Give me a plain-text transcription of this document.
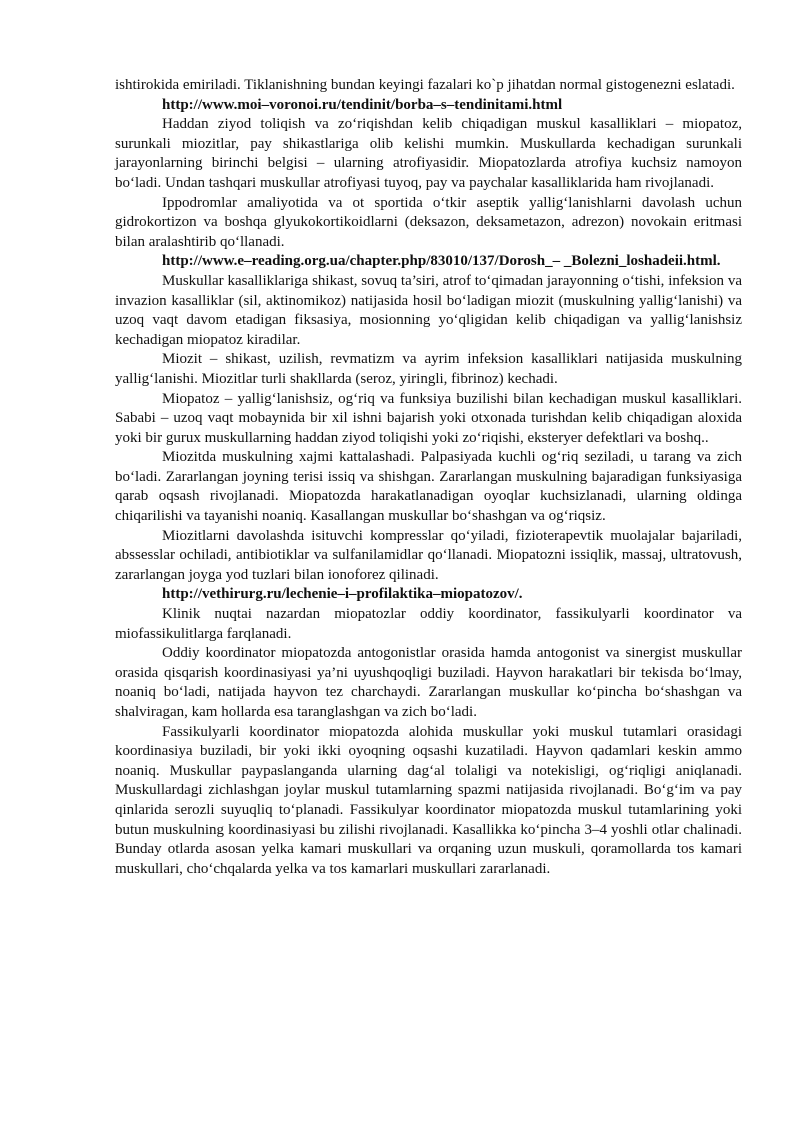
ishtirokida emiriladi. Tiklanishning bundan keyingi fazalari ko`p jihatdan normal gistogenezni eslatadi.

http://www.moi–voronoi.ru/tendinit/borba–s–tendinitami.html

Haddan ziyod toliqish va zo‘riqishdan kelib chiqadigan muskul kasalliklari – miopatoz, surunkali miozitlar, pay shikastlariga olib kelishi mumkin. Muskullarda kechadigan surunkali jarayonlarning birinchi belgisi – ularning atrofiyasidir. Miopatozlarda atrofiya kuchsiz namoyon bo‘ladi. Undan tashqari muskullar atrofiyasi tuyoq, pay va paychalar kasalliklarida ham rivojlanadi.

Ippodromlar amaliyotida va ot sportida o‘tkir aseptik yallig‘lanishlarni davolash uchun gidrokortizon va boshqa glyukokortikoidlarni (deksazon, deksametazon, adrezon) novokain eritmasi bilan aralashtirib qo‘llanadi.

http://www.e–reading.org.ua/chapter.php/83010/137/Dorosh_– _Bolezni_loshadeii.html.

Muskullar kasalliklariga shikast, sovuq ta’siri, atrof to‘qimadan jarayonning o‘tishi, infeksion va invazion kasalliklar (sil, aktinomikoz) natijasida hosil bo‘ladigan miozit (muskulning yallig‘lanishi) va uzoq vaqt davom etadigan fiksasiya, mosionning yo‘qligidan kelib chiqadigan va yallig‘lanishsiz kechadigan miopatoz kiradilar.

Miozit – shikast, uzilish, revmatizm va ayrim infeksion kasalliklari natijasida muskulning yallig‘lanishi. Miozitlar turli shakllarda (seroz, yiringli, fibrinoz) kechadi.

Miopatoz – yallig‘lanishsiz, og‘riq va funksiya buzilishi bilan kechadigan muskul kasalliklari. Sababi – uzoq vaqt mobaynida bir xil ishni bajarish yoki otxonada turishdan kelib chiqadigan aloxida yoki bir gurux muskullarning haddan ziyod toliqishi yoki zo‘riqishi, eksteryer defektlari va boshq..

Miozitda muskulning xajmi kattalashadi. Palpasiyada kuchli og‘riq seziladi, u tarang va zich bo‘ladi. Zararlangan joyning terisi issiq va shishgan. Zararlangan muskulning bajaradigan funksiyasiga qarab oqsash rivojlanadi. Miopatozda harakatlanadigan oyoqlar kuchsizlanadi, ularning oldinga chiqarilishi va tayanishi noaniq. Kasallangan muskullar bo‘shashgan va og‘riqsiz.

Miozitlarni davolashda isituvchi kompresslar qo‘yiladi, fizioterapevtik muolajalar bajariladi, abssesslar ochiladi, antibiotiklar va sulfanilamidlar qo‘llanadi. Miopatozni issiqlik, massaj, ultratovush, zararlangan joyga yod tuzlari bilan ionoforez qilinadi.

http://vethirurg.ru/lechenie–i–profilaktika–miopatozov/.

Klinik nuqtai nazardan miopatozlar oddiy koordinator, fassikulyarli koordinator va miofassikulitlarga farqlanadi.

Oddiy koordinator miopatozda antogonistlar orasida hamda antogonist va sinergist muskullar orasida qisqarish koordinasiyasi ya’ni uyushqoqligi buziladi. Hayvon harakatlari bir tekisda bo‘lmay, noaniq bo‘ladi, natijada hayvon tez charchaydi. Zararlangan muskullar ko‘pincha bo‘shashgan va shalviragan, kam hollarda esa taranglashgan va zich bo‘ladi.

Fassikulyarli koordinator miopatozda alohida muskullar yoki muskul tutamlari orasidagi koordinasiya buziladi, bir yoki ikki oyoqning oqsashi kuzatiladi. Hayvon qadamlari keskin ammo noaniq. Muskullar paypaslanganda ularning dag‘al tolaligi va notekisligi, og‘riqligi aniqlanadi. Muskullardagi zichlashgan joylar muskul tutamlarning spazmi natijasida rivojlanadi. Bo‘g‘im va pay qinlarida serozli suyuqliq to‘planadi. Fassikulyar koordinator miopatozda muskul tutamlarining yoki butun muskulning koordinasiyasi bu zilishi rivojlanadi. Kasallikka ko‘pincha 3–4 yoshli otlar chalinadi. Bunday otlarda asosan yelka kamari muskullari va orqaning uzun muskuli, qoramollarda tos kamari muskullari, cho‘chqalarda yelka va tos kamarlari muskullari zararlanadi.
